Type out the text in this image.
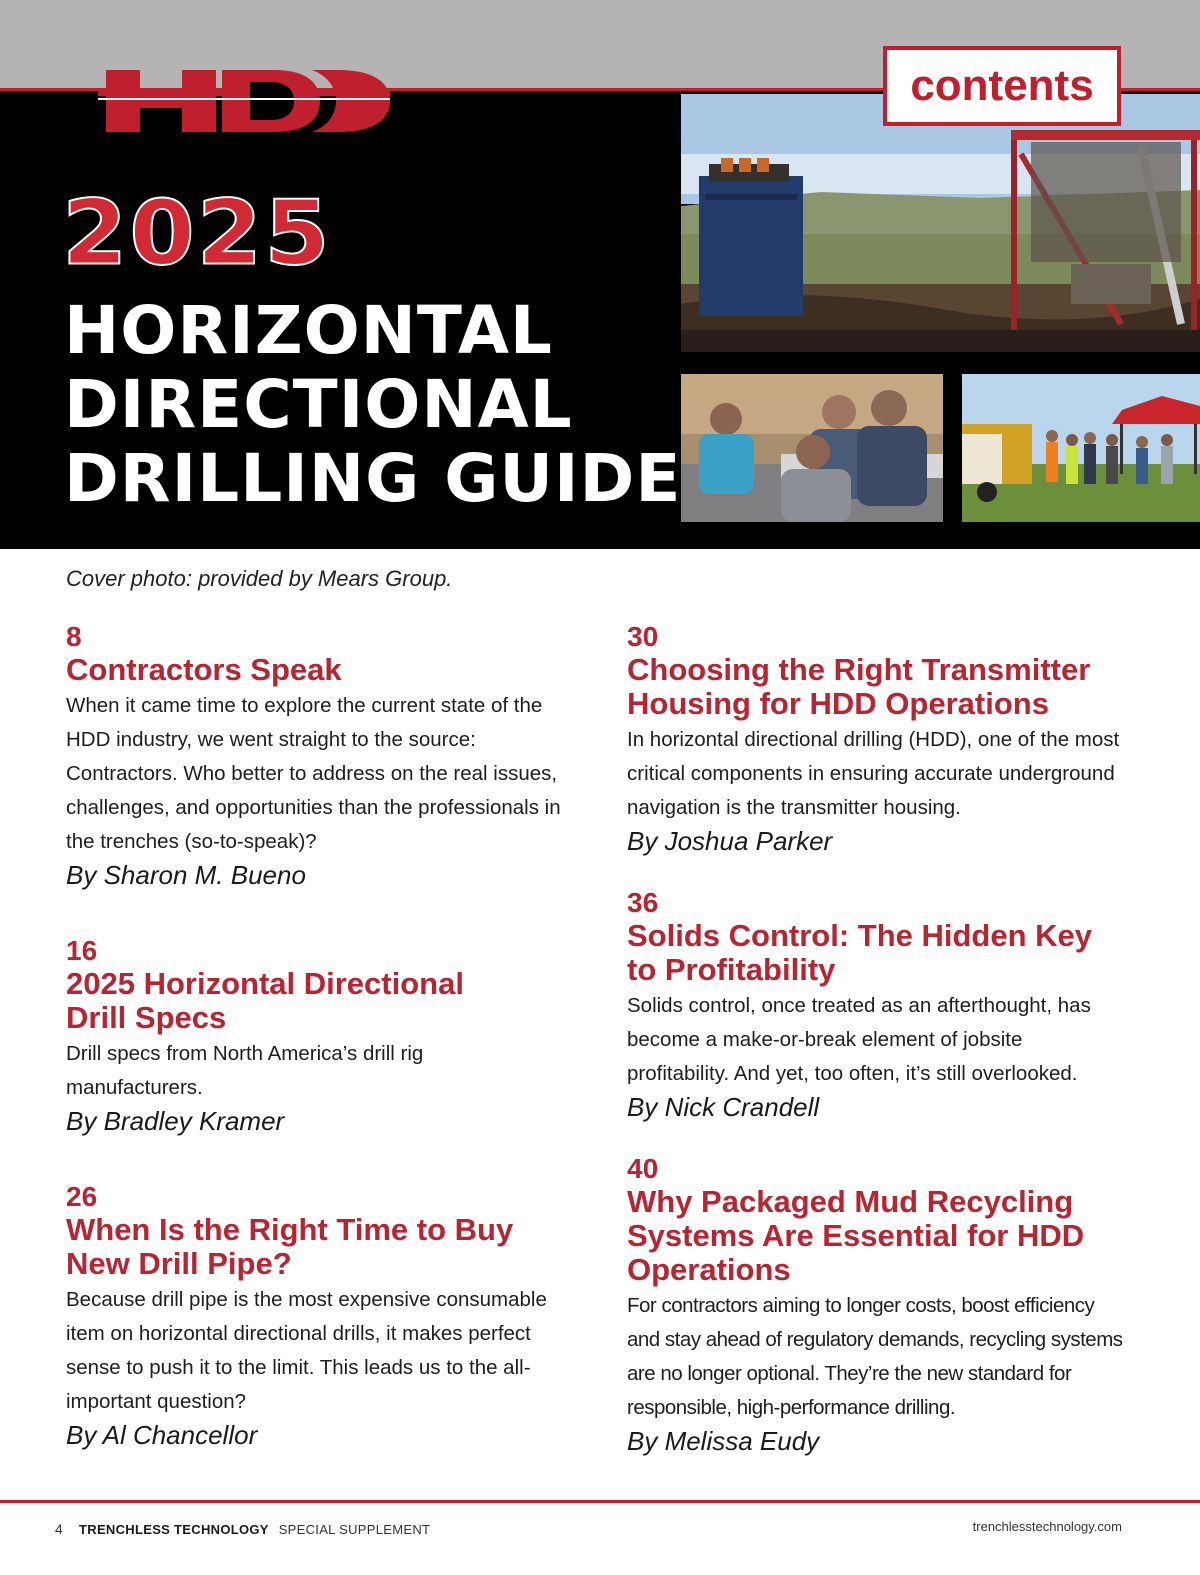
2025
HORIZONTAL
DIRECTIONAL
DRILLING GUIDE
contents
Cover photo: provided by Mears Group.
8
Contractors Speak
When it came time to explore the current state of the HDD industry, we went straight to the source: Contractors. Who better to address on the real issues, challenges, and opportunities than the professionals in the trenches (so-to-speak)?
By Sharon M. Bueno
16
2025 Horizontal Directional
Drill Specs
Drill specs from North America’s drill rig manufacturers.
By Bradley Kramer
26
When Is the Right Time to Buy
New Drill Pipe?
Because drill pipe is the most expensive consumable item on horizontal directional drills, it makes perfect sense to push it to the limit. This leads us to the all-important question?
By Al Chancellor
30
Choosing the Right Transmitter
Housing for HDD Operations
In horizontal directional drilling (HDD), one of the most critical components in ensuring accurate underground navigation is the transmitter housing.
By Joshua Parker
36
Solids Control: The Hidden Key
to Profitability
Solids control, once treated as an afterthought, has become a make-or-break element of jobsite profitability. And yet, too often, it’s still overlooked.
By Nick Crandell
40
Why Packaged Mud Recycling
Systems Are Essential for HDD
Operations
For contractors aiming to longer costs, boost efficiency and stay ahead of regulatory demands, recycling systems are no longer optional. They’re the new standard for responsible, high-performance drilling.
By Melissa Eudy
4 TRENCHLESS TECHNOLOGY SPECIAL SUPPLEMENT	trenchlesstechnology.com
